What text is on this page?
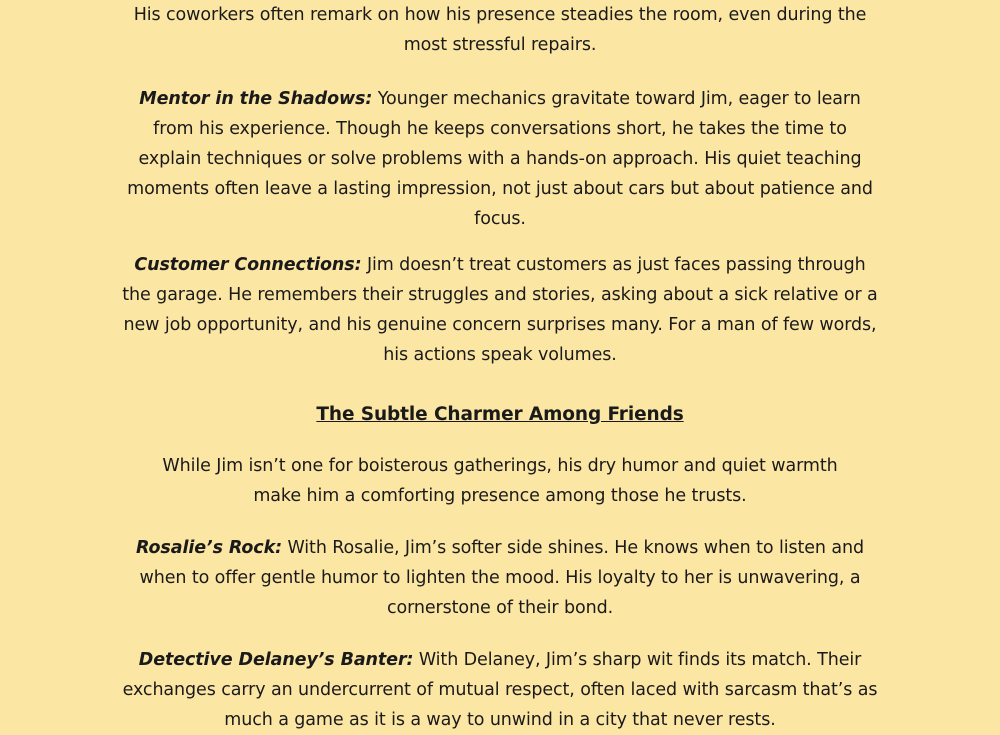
His coworkers often remark on how his presence steadies the room, even during the most stressful repairs.

Mentor in the Shadows: Younger mechanics gravitate toward Jim, eager to learn from his experience. Though he keeps conversations short, he takes the time to explain techniques or solve problems with a hands-on approach. His quiet teaching moments often leave a lasting impression, not just about cars but about patience and focus.

Customer Connections: Jim doesn’t treat customers as just faces passing through the garage. He remembers their struggles and stories, asking about a sick relative or a new job opportunity, and his genuine concern surprises many. For a man of few words, his actions speak volumes.

The Subtle Charmer Among Friends

While Jim isn’t one for boisterous gatherings, his dry humor and quiet warmth make him a comforting presence among those he trusts.

Rosalie’s Rock: With Rosalie, Jim’s softer side shines. He knows when to listen and when to offer gentle humor to lighten the mood. His loyalty to her is unwavering, a cornerstone of their bond.

Detective Delaney’s Banter: With Delaney, Jim’s sharp wit finds its match. Their exchanges carry an undercurrent of mutual respect, often laced with sarcasm that’s as much a game as it is a way to unwind in a city that never rests.
